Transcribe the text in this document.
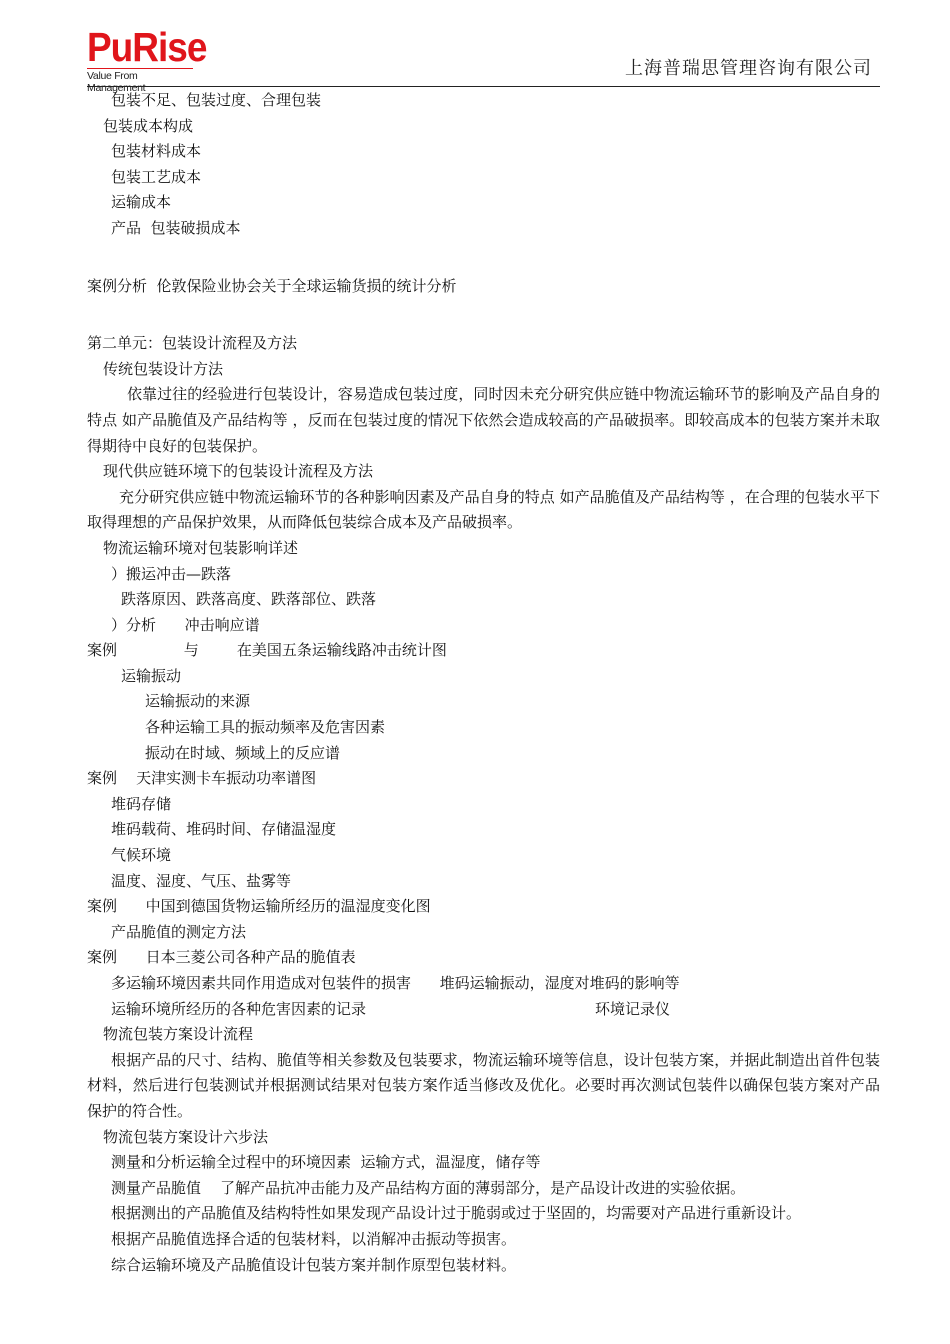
PuRise
Value From Management
上海普瑞思管理咨询有限公司

包装不足、包装过度、合理包装

包装成本构成

包装材料成本

包装工艺成本

运输成本

产品  包装破损成本

案例分析  伦敦保险业协会关于全球运输货损的统计分析

第二单元：包装设计流程及方法

传统包装设计方法

依靠过往的经验进行包装设计，容易造成包装过度，同时因未充分研究供应链中物流运输环节的影响及产品自身的特点 如产品脆值及产品结构等 ，反而在包装过度的情况下依然会造成较高的产品破损率。即较高成本的包装方案并未取得期待中良好的包装保护。

现代供应链环境下的包装设计流程及方法

充分研究供应链中物流运输环节的各种影响因素及产品自身的特点 如产品脆值及产品结构等 ，在合理的包装水平下取得理想的产品保护效果，从而降低包装综合成本及产品破损率。

物流运输环境对包装影响详述

）搬运冲击—跌落

跌落原因、跌落高度、跌落部位、跌落

）分析      冲击响应谱

案例              与        在美国五条运输线路冲击统计图

运输振动

运输振动的来源

各种运输工具的振动频率及危害因素

振动在时域、频域上的反应谱

案例    天津实测卡车振动功率谱图

堆码存储

堆码载荷、堆码时间、存储温湿度

气候环境

温度、湿度、气压、盐雾等

案例      中国到德国货物运输所经历的温湿度变化图

产品脆值的测定方法

案例      日本三菱公司各种产品的脆值表

多运输环境因素共同作用造成对包装件的损害      堆码运输振动，湿度对堆码的影响等

运输环境所经历的各种危害因素的记录	环境记录仪

物流包装方案设计流程

根据产品的尺寸、结构、脆值等相关参数及包装要求，物流运输环境等信息，设计包装方案，并据此制造出首件包装材料，然后进行包装测试并根据测试结果对包装方案作适当修改及优化。必要时再次测试包装件以确保包装方案对产品保护的符合性。

物流包装方案设计六步法

测量和分析运输全过程中的环境因素  运输方式，温湿度，储存等

测量产品脆值    了解产品抗冲击能力及产品结构方面的薄弱部分，是产品设计改进的实验依据。

根据测出的产品脆值及结构特性如果发现产品设计过于脆弱或过于坚固的，均需要对产品进行重新设计。

根据产品脆值选择合适的包装材料，以消解冲击振动等损害。

综合运输环境及产品脆值设计包装方案并制作原型包装材料。
